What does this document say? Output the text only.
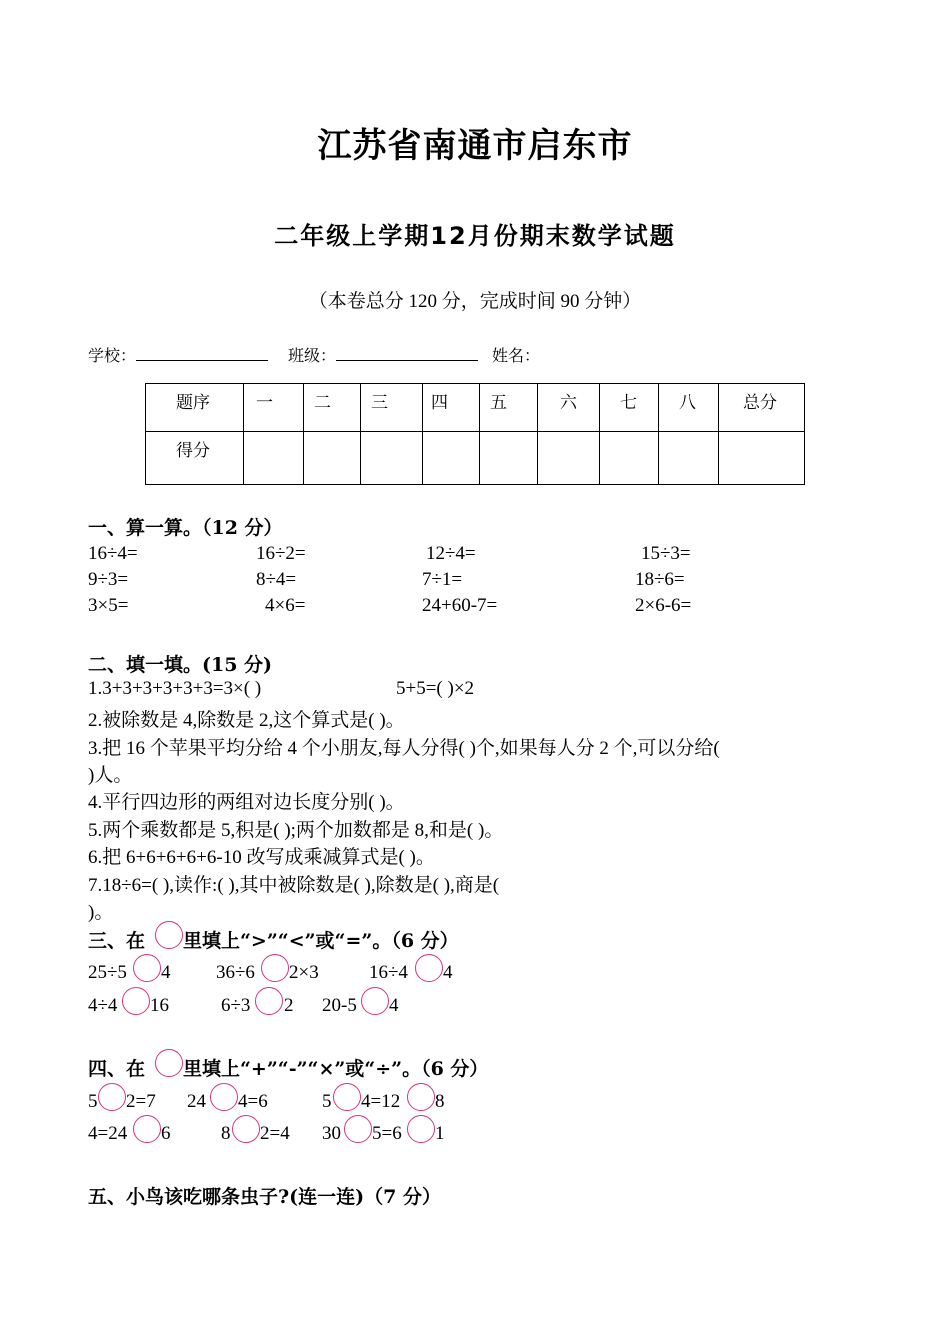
江苏省南通市启东市
二年级上学期12月份期末数学试题
（本卷总分 120 分，完成时间 90 分钟）
学校：	班级：	姓名：
题序	一	二	三	四	五	六	七	八	总分
得分									
一、算一算。（12 分）
16÷4=	16÷2=	12÷4=	15÷3=
9÷3=	8÷4=	7÷1=	18÷6=
3×5=	4×6=	24+60-7=	2×6-6=
二、填一填。(15 分)
1.3+3+3+3+3+3=3×( )	5+5=( )×2
2.被除数是 4,除数是 2,这个算式是( )。
3.把 16 个苹果平均分给 4 个小朋友,每人分得( )个,如果每人分 2 个,可以分给(
)人。
4.平行四边形的两组对边长度分别( )。
5.两个乘数都是 5,积是( );两个加数都是 8,和是( )。
6.把 6+6+6+6+6-10 改写成乘减算式是( )。
7.18÷6=( ),读作:( ),其中被除数是( ),除数是( ),商是(
)。
三、在 里填上“>”“<”或“=”。（6 分）
25÷5 4 36÷6 2×3	16÷4 4
4÷4 16	6÷3 2 20-5 4
四、在 里填上“+”“-”“×”或“÷”。（6 分）
5 2=7 24 4=6	5 4=12 8
4=24 6	8 2=4 30 5=6 1
五、小鸟该吃哪条虫子?(连一连)（7 分）
